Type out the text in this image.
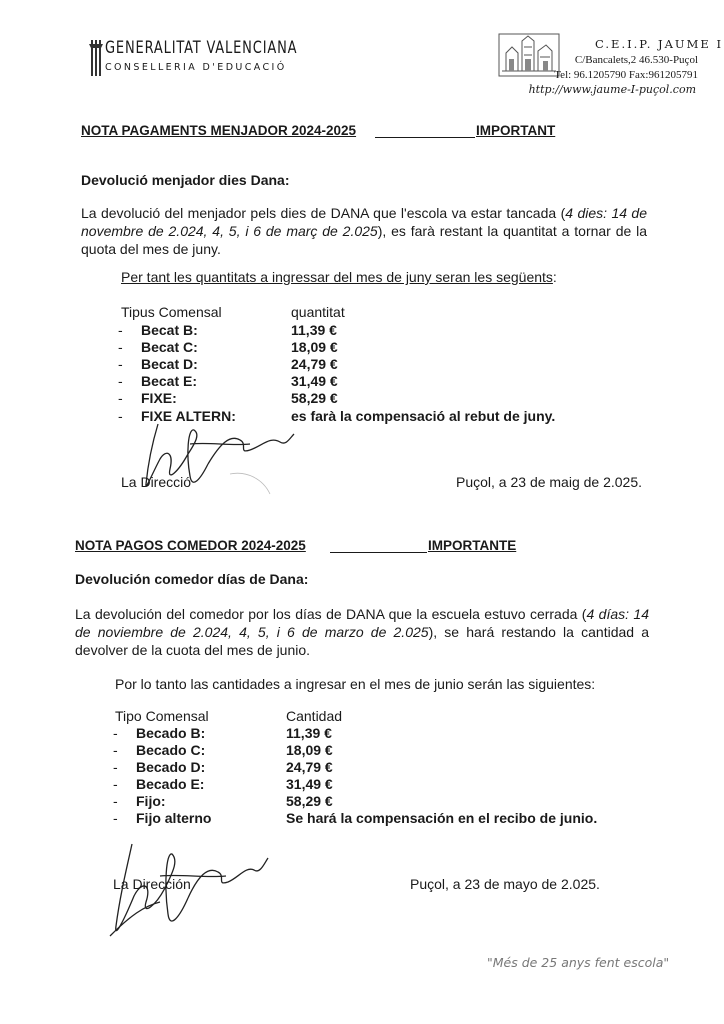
GENERALITAT VALENCIANA
CONSELLERIA D'EDUCACIÓ
C.E.I.P. JAUME I
C/Bancalets,2 46.530-Puçol
Tel: 96.1205790 Fax:961205791
http://www.jaume-I-puçol.com
NOTA PAGAMENTS MENJADOR 2024-2025	IMPORTANT
Devolució menjador dies Dana:
La devolució del menjador pels dies de DANA que l'escola va estar tancada (4 dies: 14 de novembre de 2.024, 4, 5, i 6 de març de 2.025), es farà restant la quantitat a tornar de la quota del mes de juny.
Per tant les quantitats a ingressar del mes de juny seran les següents:
Tipus Comensal	quantitat
- Becat B:	11,39 €
- Becat C:	18,09 €
- Becat D:	24,79 €
- Becat E:	31,49 €
- FIXE:	58,29 €
- FIXE ALTERN:	es farà la compensació al rebut de juny.
La Direcció	Puçol, a 23 de maig de 2.025.
NOTA PAGOS COMEDOR 2024-2025	IMPORTANTE
Devolución comedor días de Dana:
La devolución del comedor por los días de DANA que la escuela estuvo cerrada (4 días: 14 de noviembre de 2.024, 4, 5, i 6 de marzo de 2.025), se hará restando la cantidad a devolver de la cuota del mes de junio.
Por lo tanto las cantidades a ingresar en el mes de junio serán las siguientes:
Tipo Comensal	Cantidad
- Becado B:	11,39 €
- Becado C:	18,09 €
- Becado D:	24,79 €
- Becado E:	31,49 €
- Fijo:	58,29 €
- Fijo alterno	Se hará la compensación en el recibo de junio.
La Dirección	Puçol, a 23 de mayo de 2.025.
"Més de 25 anys fent escola"
